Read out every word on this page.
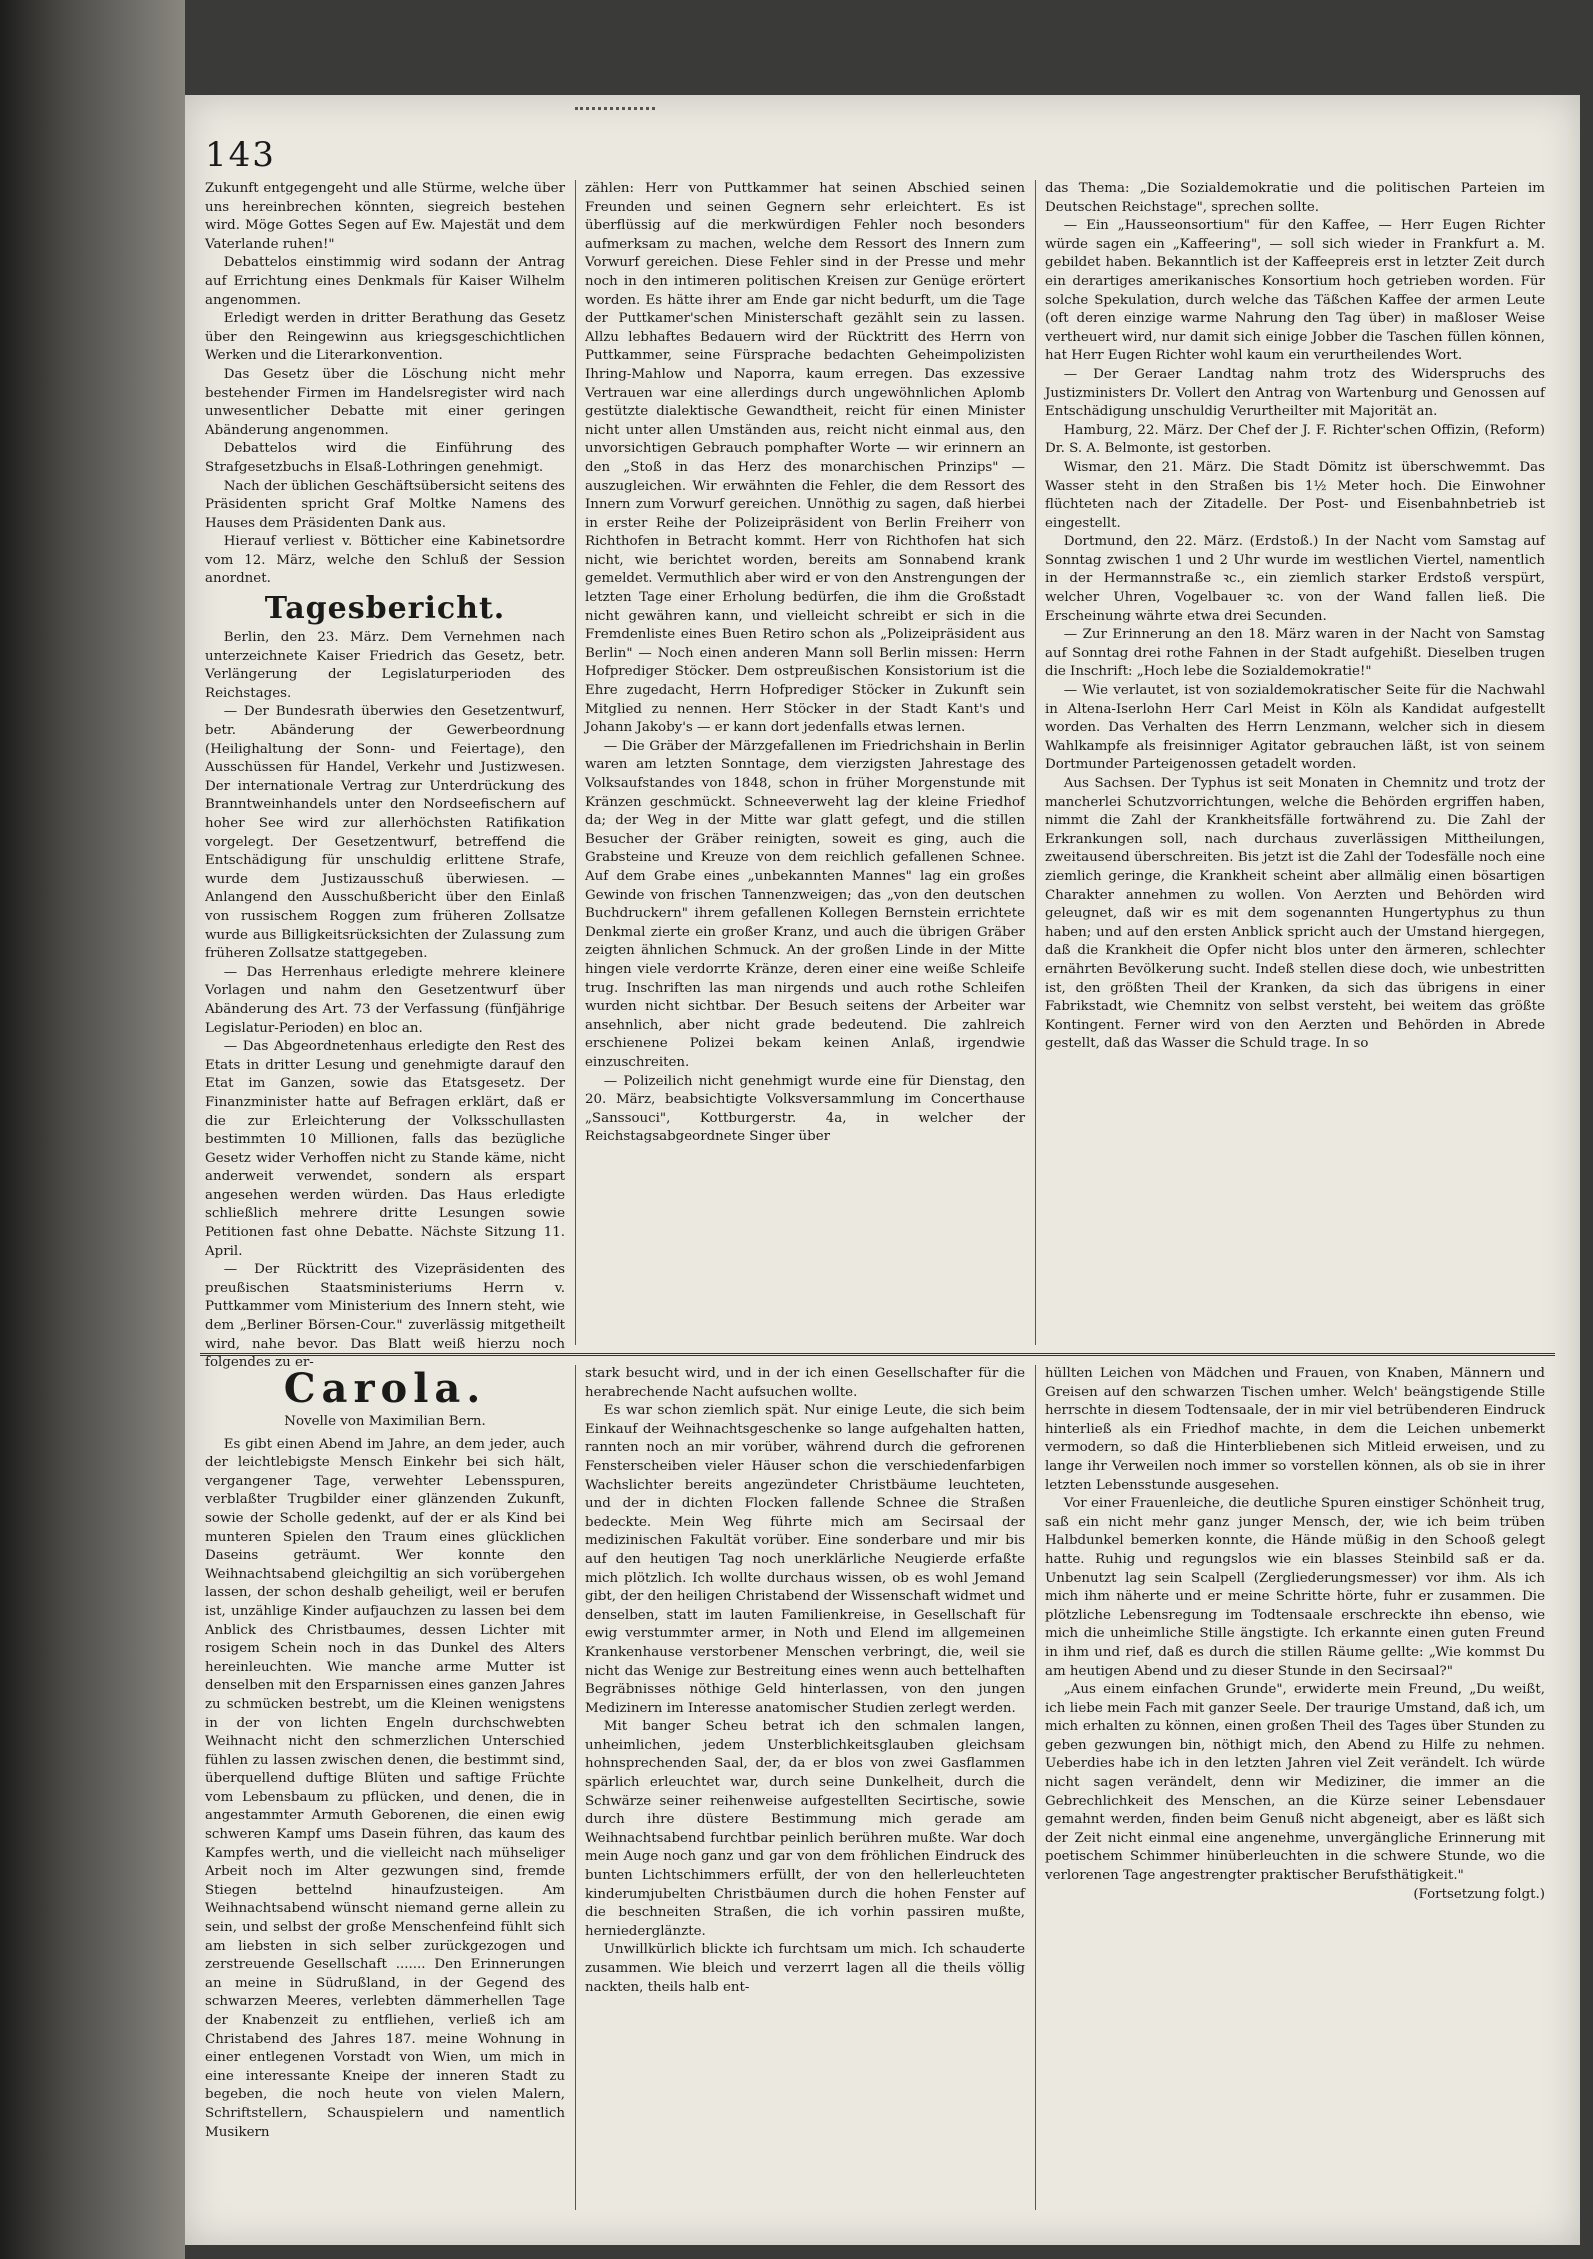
143

Zukunft entgegengeht und alle Stürme, welche über uns hereinbrechen könnten, siegreich bestehen wird. Möge Gottes Segen auf Ew. Majestät und dem Vaterlande ruhen!"

Debattelos einstimmig wird sodann der Antrag auf Errichtung eines Denkmals für Kaiser Wilhelm angenommen.

Erledigt werden in dritter Berathung das Gesetz über den Reingewinn aus kriegsgeschichtlichen Werken und die Literarkonvention.

Das Gesetz über die Löschung nicht mehr bestehender Firmen im Handelsregister wird nach unwesentlicher Debatte mit einer geringen Abänderung angenommen.

Debattelos wird die Einführung des Strafgesetzbuchs in Elsaß-Lothringen genehmigt.

Nach der üblichen Geschäftsübersicht seitens des Präsidenten spricht Graf Moltke Namens des Hauses dem Präsidenten Dank aus.

Hierauf verliest v. Bötticher eine Kabinetsordre vom 12. März, welche den Schluß der Session anordnet.

Tagesbericht.

Berlin, den 23. März. Dem Vernehmen nach unterzeichnete Kaiser Friedrich das Gesetz, betr. Verlängerung der Legislaturperioden des Reichstages.

— Der Bundesrath überwies den Gesetzentwurf, betr. Abänderung der Gewerbeordnung (Heilighaltung der Sonn- und Feiertage), den Ausschüssen für Handel, Verkehr und Justizwesen. Der internationale Vertrag zur Unterdrückung des Branntweinhandels unter den Nordseefischern auf hoher See wird zur allerhöchsten Ratifikation vorgelegt. Der Gesetzentwurf, betreffend die Entschädigung für unschuldig erlittene Strafe, wurde dem Justizausschuß überwiesen. — Anlangend den Ausschußbericht über den Einlaß von russischem Roggen zum früheren Zollsatze wurde aus Billigkeitsrücksichten der Zulassung zum früheren Zollsatze stattgegeben.

— Das Herrenhaus erledigte mehrere kleinere Vorlagen und nahm den Gesetzentwurf über Abänderung des Art. 73 der Verfassung (fünfjährige Legislatur-Perioden) en bloc an.

— Das Abgeordnetenhaus erledigte den Rest des Etats in dritter Lesung und genehmigte darauf den Etat im Ganzen, sowie das Etatsgesetz. Der Finanzminister hatte auf Befragen erklärt, daß er die zur Erleichterung der Volksschullasten bestimmten 10 Millionen, falls das bezügliche Gesetz wider Verhoffen nicht zu Stande käme, nicht anderweit verwendet, sondern als erspart angesehen werden würden. Das Haus erledigte schließlich mehrere dritte Lesungen sowie Petitionen fast ohne Debatte. Nächste Sitzung 11. April.

— Der Rücktritt des Vizepräsidenten des preußischen Staatsministeriums Herrn v. Puttkammer vom Ministerium des Innern steht, wie dem „Berliner Börsen-Cour." zuverlässig mitgetheilt wird, nahe bevor. Das Blatt weiß hierzu noch folgendes zu er-

zählen: Herr von Puttkammer hat seinen Abschied seinen Freunden und seinen Gegnern sehr erleichtert. Es ist überflüssig auf die merkwürdigen Fehler noch besonders aufmerksam zu machen, welche dem Ressort des Innern zum Vorwurf gereichen. Diese Fehler sind in der Presse und mehr noch in den intimeren politischen Kreisen zur Genüge erörtert worden. Es hätte ihrer am Ende gar nicht bedurft, um die Tage der Puttkamer'schen Ministerschaft gezählt sein zu lassen. Allzu lebhaftes Bedauern wird der Rücktritt des Herrn von Puttkammer, seine Fürsprache bedachten Geheimpolizisten Ihring-Mahlow und Naporra, kaum erregen. Das exzessive Vertrauen war eine allerdings durch ungewöhnlichen Aplomb gestützte dialektische Gewandtheit, reicht für einen Minister nicht unter allen Umständen aus, reicht nicht einmal aus, den unvorsichtigen Gebrauch pomphafter Worte — wir erinnern an den „Stoß in das Herz des monarchischen Prinzips" — auszugleichen. Wir erwähnten die Fehler, die dem Ressort des Innern zum Vorwurf gereichen. Unnöthig zu sagen, daß hierbei in erster Reihe der Polizeipräsident von Berlin Freiherr von Richthofen in Betracht kommt. Herr von Richthofen hat sich nicht, wie berichtet worden, bereits am Sonnabend krank gemeldet. Vermuthlich aber wird er von den Anstrengungen der letzten Tage einer Erholung bedürfen, die ihm die Großstadt nicht gewähren kann, und vielleicht schreibt er sich in die Fremdenliste eines Buen Retiro schon als „Polizeipräsident aus Berlin" — Noch einen anderen Mann soll Berlin missen: Herrn Hofprediger Stöcker. Dem ostpreußischen Konsistorium ist die Ehre zugedacht, Herrn Hofprediger Stöcker in Zukunft sein Mitglied zu nennen. Herr Stöcker in der Stadt Kant's und Johann Jakoby's — er kann dort jedenfalls etwas lernen.

— Die Gräber der Märzgefallenen im Friedrichshain in Berlin waren am letzten Sonntage, dem vierzigsten Jahrestage des Volksaufstandes von 1848, schon in früher Morgenstunde mit Kränzen geschmückt. Schneeverweht lag der kleine Friedhof da; der Weg in der Mitte war glatt gefegt, und die stillen Besucher der Gräber reinigten, soweit es ging, auch die Grabsteine und Kreuze von dem reichlich gefallenen Schnee. Auf dem Grabe eines „unbekannten Mannes" lag ein großes Gewinde von frischen Tannenzweigen; das „von den deutschen Buchdruckern" ihrem gefallenen Kollegen Bernstein errichtete Denkmal zierte ein großer Kranz, und auch die übrigen Gräber zeigten ähnlichen Schmuck. An der großen Linde in der Mitte hingen viele verdorrte Kränze, deren einer eine weiße Schleife trug. Inschriften las man nirgends und auch rothe Schleifen wurden nicht sichtbar. Der Besuch seitens der Arbeiter war ansehnlich, aber nicht grade bedeutend. Die zahlreich erschienene Polizei bekam keinen Anlaß, irgendwie einzuschreiten.

— Polizeilich nicht genehmigt wurde eine für Dienstag, den 20. März, beabsichtigte Volksversammlung im Concerthause „Sanssouci", Kottburgerstr. 4a, in welcher der Reichstagsabgeordnete Singer über

das Thema: „Die Sozialdemokratie und die politischen Parteien im Deutschen Reichstage", sprechen sollte.

— Ein „Hausseonsortium" für den Kaffee, — Herr Eugen Richter würde sagen ein „Kaffeering", — soll sich wieder in Frankfurt a. M. gebildet haben. Bekanntlich ist der Kaffeepreis erst in letzter Zeit durch ein derartiges amerikanisches Konsortium hoch getrieben worden. Für solche Spekulation, durch welche das Täßchen Kaffee der armen Leute (oft deren einzige warme Nahrung den Tag über) in maßloser Weise vertheuert wird, nur damit sich einige Jobber die Taschen füllen können, hat Herr Eugen Richter wohl kaum ein verurtheilendes Wort.

— Der Geraer Landtag nahm trotz des Widerspruchs des Justizministers Dr. Vollert den Antrag von Wartenburg und Genossen auf Entschädigung unschuldig Verurtheilter mit Majorität an.

Hamburg, 22. März. Der Chef der J. F. Richter'schen Offizin, (Reform) Dr. S. A. Belmonte, ist gestorben.

Wismar, den 21. März. Die Stadt Dömitz ist überschwemmt. Das Wasser steht in den Straßen bis 1½ Meter hoch. Die Einwohner flüchteten nach der Zitadelle. Der Post- und Eisenbahnbetrieb ist eingestellt.

Dortmund, den 22. März. (Erdstoß.) In der Nacht vom Samstag auf Sonntag zwischen 1 und 2 Uhr wurde im westlichen Viertel, namentlich in der Hermannstraße ꝛc., ein ziemlich starker Erdstoß verspürt, welcher Uhren, Vogelbauer ꝛc. von der Wand fallen ließ. Die Erscheinung währte etwa drei Secunden.

— Zur Erinnerung an den 18. März waren in der Nacht von Samstag auf Sonntag drei rothe Fahnen in der Stadt aufgehißt. Dieselben trugen die Inschrift: „Hoch lebe die Sozialdemokratie!"

— Wie verlautet, ist von sozialdemokratischer Seite für die Nachwahl in Altena-Iserlohn Herr Carl Meist in Köln als Kandidat aufgestellt worden. Das Verhalten des Herrn Lenzmann, welcher sich in diesem Wahlkampfe als freisinniger Agitator gebrauchen läßt, ist von seinem Dortmunder Parteigenossen getadelt worden.

Aus Sachsen. Der Typhus ist seit Monaten in Chemnitz und trotz der mancherlei Schutzvorrichtungen, welche die Behörden ergriffen haben, nimmt die Zahl der Krankheitsfälle fortwährend zu. Die Zahl der Erkrankungen soll, nach durchaus zuverlässigen Mittheilungen, zweitausend überschreiten. Bis jetzt ist die Zahl der Todesfälle noch eine ziemlich geringe, die Krankheit scheint aber allmälig einen bösartigen Charakter annehmen zu wollen. Von Aerzten und Behörden wird geleugnet, daß wir es mit dem sogenannten Hungertyphus zu thun haben; und auf den ersten Anblick spricht auch der Umstand hiergegen, daß die Krankheit die Opfer nicht blos unter den ärmeren, schlechter ernährten Bevölkerung sucht. Indeß stellen diese doch, wie unbestritten ist, den größten Theil der Kranken, da sich das übrigens in einer Fabrikstadt, wie Chemnitz von selbst versteht, bei weitem das größte Kontingent. Ferner wird von den Aerzten und Behörden in Abrede gestellt, daß das Wasser die Schuld trage. In so

Carola.

Novelle von Maximilian Bern.

Es gibt einen Abend im Jahre, an dem jeder, auch der leichtlebigste Mensch Einkehr bei sich hält, vergangener Tage, verwehter Lebensspuren, verblaßter Trugbilder einer glänzenden Zukunft, sowie der Scholle gedenkt, auf der er als Kind bei munteren Spielen den Traum eines glücklichen Daseins geträumt. Wer konnte den Weihnachtsabend gleichgiltig an sich vorübergehen lassen, der schon deshalb geheiligt, weil er berufen ist, unzählige Kinder aufjauchzen zu lassen bei dem Anblick des Christbaumes, dessen Lichter mit rosigem Schein noch in das Dunkel des Alters hereinleuchten. Wie manche arme Mutter ist denselben mit den Ersparnissen eines ganzen Jahres zu schmücken bestrebt, um die Kleinen wenigstens in der von lichten Engeln durchschwebten Weihnacht nicht den schmerzlichen Unterschied fühlen zu lassen zwischen denen, die bestimmt sind, überquellend duftige Blüten und saftige Früchte vom Lebensbaum zu pflücken, und denen, die in angestammter Armuth Geborenen, die einen ewig schweren Kampf ums Dasein führen, das kaum des Kampfes werth, und die vielleicht nach mühseliger Arbeit noch im Alter gezwungen sind, fremde Stiegen bettelnd hinaufzusteigen. Am Weihnachtsabend wünscht niemand gerne allein zu sein, und selbst der große Menschenfeind fühlt sich am liebsten in sich selber zurückgezogen und zerstreuende Gesellschaft ....... Den Erinnerungen an meine in Südrußland, in der Gegend des schwarzen Meeres, verlebten dämmerhellen Tage der Knabenzeit zu entfliehen, verließ ich am Christabend des Jahres 187. meine Wohnung in einer entlegenen Vorstadt von Wien, um mich in eine interessante Kneipe der inneren Stadt zu begeben, die noch heute von vielen Malern, Schriftstellern, Schauspielern und namentlich Musikern

stark besucht wird, und in der ich einen Gesellschafter für die herabrechende Nacht aufsuchen wollte.

Es war schon ziemlich spät. Nur einige Leute, die sich beim Einkauf der Weihnachtsgeschenke so lange aufgehalten hatten, rannten noch an mir vorüber, während durch die gefrorenen Fensterscheiben vieler Häuser schon die verschiedenfarbigen Wachslichter bereits angezündeter Christbäume leuchteten, und der in dichten Flocken fallende Schnee die Straßen bedeckte. Mein Weg führte mich am Secirsaal der medizinischen Fakultät vorüber. Eine sonderbare und mir bis auf den heutigen Tag noch unerklärliche Neugierde erfaßte mich plötzlich. Ich wollte durchaus wissen, ob es wohl Jemand gibt, der den heiligen Christabend der Wissenschaft widmet und denselben, statt im lauten Familienkreise, in Gesellschaft für ewig verstummter armer, in Noth und Elend im allgemeinen Krankenhause verstorbener Menschen verbringt, die, weil sie nicht das Wenige zur Bestreitung eines wenn auch bettelhaften Begräbnisses nöthige Geld hinterlassen, von den jungen Medizinern im Interesse anatomischer Studien zerlegt werden.

Mit banger Scheu betrat ich den schmalen langen, unheimlichen, jedem Unsterblichkeitsglauben gleichsam hohnsprechenden Saal, der, da er blos von zwei Gasflammen spärlich erleuchtet war, durch seine Dunkelheit, durch die Schwärze seiner reihenweise aufgestellten Secirtische, sowie durch ihre düstere Bestimmung mich gerade am Weihnachtsabend furchtbar peinlich berühren mußte. War doch mein Auge noch ganz und gar von dem fröhlichen Eindruck des bunten Lichtschimmers erfüllt, der von den hellerleuchteten kinderumjubelten Christbäumen durch die hohen Fenster auf die beschneiten Straßen, die ich vorhin passiren mußte, herniederglänzte.

Unwillkürlich blickte ich furchtsam um mich. Ich schauderte zusammen. Wie bleich und verzerrt lagen all die theils völlig nackten, theils halb ent-

hüllten Leichen von Mädchen und Frauen, von Knaben, Männern und Greisen auf den schwarzen Tischen umher. Welch' beängstigende Stille herrschte in diesem Todtensaale, der in mir viel betrübenderen Eindruck hinterließ als ein Friedhof machte, in dem die Leichen unbemerkt vermodern, so daß die Hinterbliebenen sich Mitleid erweisen, und zu lange ihr Verweilen noch immer so vorstellen können, als ob sie in ihrer letzten Lebensstunde ausgesehen.

Vor einer Frauenleiche, die deutliche Spuren einstiger Schönheit trug, saß ein nicht mehr ganz junger Mensch, der, wie ich beim trüben Halbdunkel bemerken konnte, die Hände müßig in den Schooß gelegt hatte. Ruhig und regungslos wie ein blasses Steinbild saß er da. Unbenutzt lag sein Scalpell (Zergliederungsmesser) vor ihm. Als ich mich ihm näherte und er meine Schritte hörte, fuhr er zusammen. Die plötzliche Lebensregung im Todtensaale erschreckte ihn ebenso, wie mich die unheimliche Stille ängstigte. Ich erkannte einen guten Freund in ihm und rief, daß es durch die stillen Räume gellte: „Wie kommst Du am heutigen Abend und zu dieser Stunde in den Secirsaal?"

„Aus einem einfachen Grunde", erwiderte mein Freund, „Du weißt, ich liebe mein Fach mit ganzer Seele. Der traurige Umstand, daß ich, um mich erhalten zu können, einen großen Theil des Tages über Stunden zu geben gezwungen bin, nöthigt mich, den Abend zu Hilfe zu nehmen. Ueberdies habe ich in den letzten Jahren viel Zeit verändelt. Ich würde nicht sagen verändelt, denn wir Mediziner, die immer an die Gebrechlichkeit des Menschen, an die Kürze seiner Lebensdauer gemahnt werden, finden beim Genuß nicht abgeneigt, aber es läßt sich der Zeit nicht einmal eine angenehme, unvergängliche Erinnerung mit poetischem Schimmer hinüberleuchten in die schwere Stunde, wo die verlorenen Tage angestrengter praktischer Berufsthätigkeit."

(Fortsetzung folgt.)
